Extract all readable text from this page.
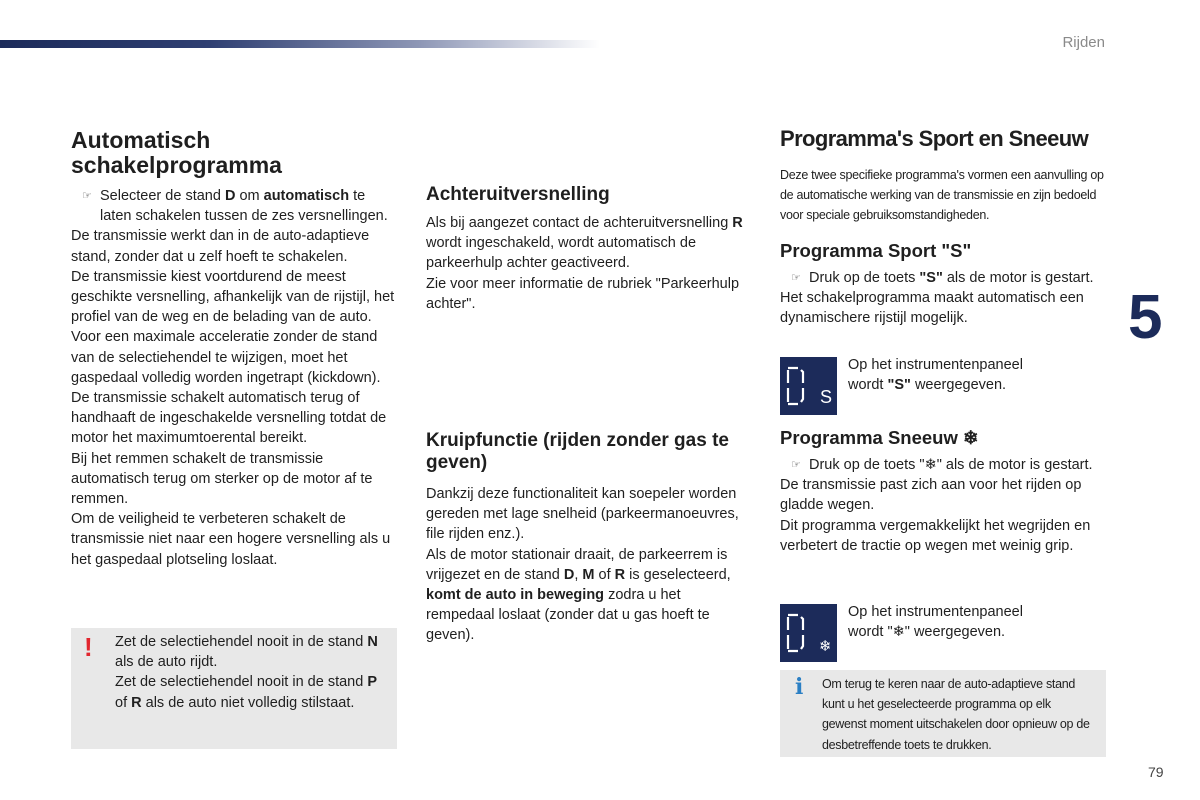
Rijden
5
79
Automatisch schakelprogramma
☞ Selecteer de stand D om automatisch te laten schakelen tussen de zes versnellingen.
De transmissie werkt dan in de auto-adaptieve stand, zonder dat u zelf hoeft te schakelen.
De transmissie kiest voortdurend de meest geschikte versnelling, afhankelijk van de rijstijl, het profiel van de weg en de belading van de auto.
Voor een maximale acceleratie zonder de stand van de selectiehendel te wijzigen, moet het gaspedaal volledig worden ingetrapt (kickdown).
De transmissie schakelt automatisch terug of handhaaft de ingeschakelde versnelling totdat de motor het maximumtoerental bereikt.
Bij het remmen schakelt de transmissie automatisch terug om sterker op de motor af te remmen.
Om de veiligheid te verbeteren schakelt de transmissie niet naar een hogere versnelling als u het gaspedaal plotseling loslaat.
Zet de selectiehendel nooit in de stand N als de auto rijdt.
Zet de selectiehendel nooit in de stand P of R als de auto niet volledig stilstaat.
!
Achteruitversnelling
Als bij aangezet contact de achteruitversnelling R wordt ingeschakeld, wordt automatisch de parkeerhulp achter geactiveerd.
Zie voor meer informatie de rubriek "Parkeerhulp achter".
Kruipfunctie (rijden zonder gas te geven)
Dankzij deze functionaliteit kan soepeler worden gereden met lage snelheid (parkeermanoeuvres, file rijden enz.).
Als de motor stationair draait, de parkeerrem is vrijgezet en de stand D, M of R is geselecteerd, komt de auto in beweging zodra u het rempedaal loslaat (zonder dat u gas hoeft te geven).
Programma's Sport en Sneeuw
Deze twee specifieke programma's vormen een aanvulling op de automatische werking van de transmissie en zijn bedoeld voor speciale gebruiksomstandigheden.
Programma Sport "S"
☞ Druk op de toets "S" als de motor is gestart.
Het schakelprogramma maakt automatisch een dynamischere rijstijl mogelijk.
S
Op het instrumentenpaneel
wordt "S" weergegeven.
Programma Sneeuw ❄
☞ Druk op de toets "❄" als de motor is gestart.
De transmissie past zich aan voor het rijden op gladde wegen.
Dit programma vergemakkelijkt het wegrijden en verbetert de tractie op wegen met weinig grip.
❄
Op het instrumentenpaneel
wordt "❄" weergegeven.
Om terug te keren naar de auto-adaptieve stand kunt u het geselecteerde programma op elk gewenst moment uitschakelen door opnieuw op de desbetreffende toets te drukken.
i
